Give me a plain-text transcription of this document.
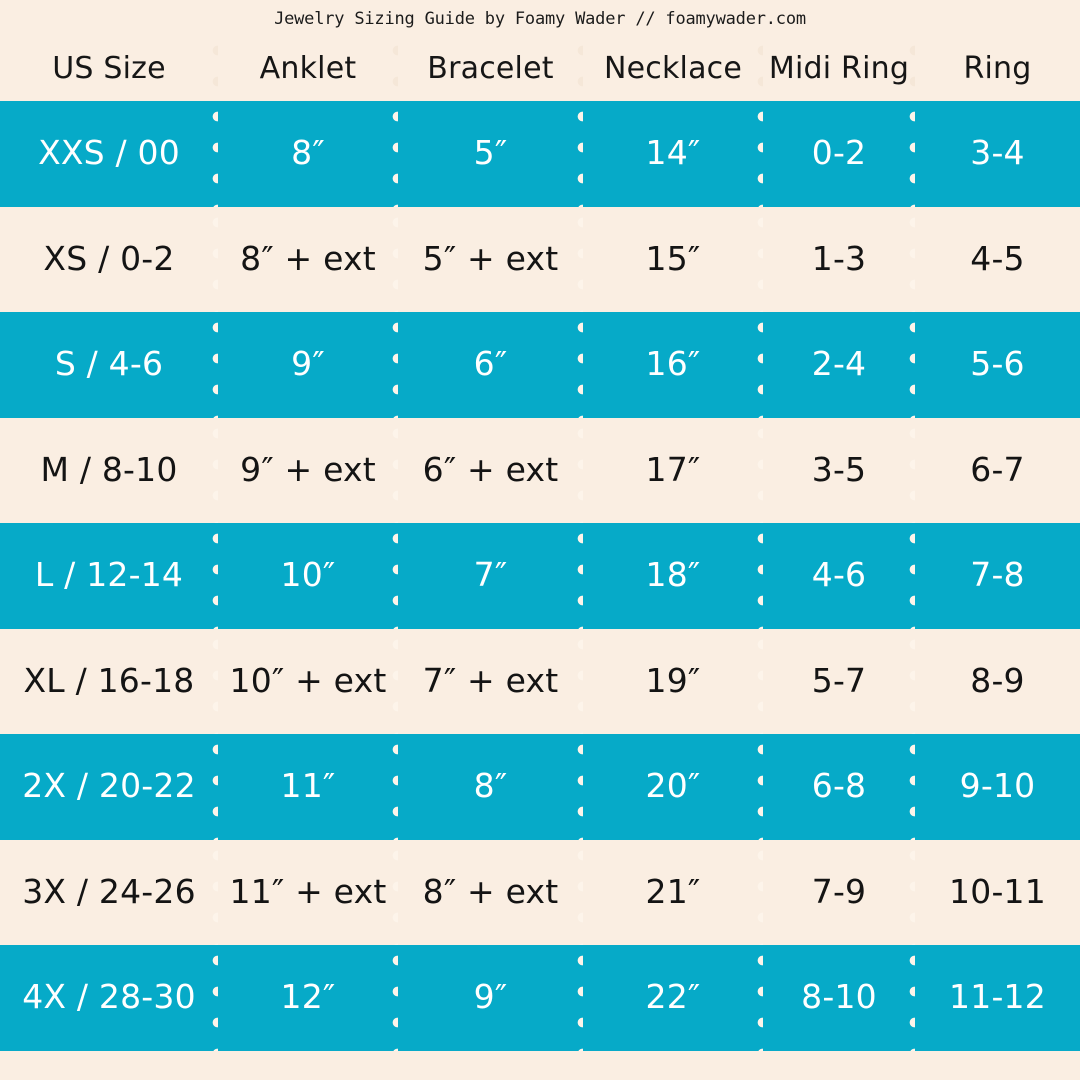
Jewelry Sizing Guide by Foamy Wader // foamywader.com
US Size	Anklet	Bracelet	Necklace	Midi Ring	Ring

XXS / 00	8″	5″	14″	0-2	3-4

XS / 0-2	8″ + ext	5″ + ext	15″	1-3	4-5

S / 4-6	9″	6″	16″	2-4	5-6

M / 8-10	9″ + ext	6″ + ext	17″	3-5	6-7

L / 12-14	10″	7″	18″	4-6	7-8

XL / 16-18	10″ + ext	7″ + ext	19″	5-7	8-9

2X / 20-22	11″	8″	20″	6-8	9-10

3X / 24-26	11″ + ext	8″ + ext	21″	7-9	10-11

4X / 28-30	12″	9″	22″	8-10	11-12
